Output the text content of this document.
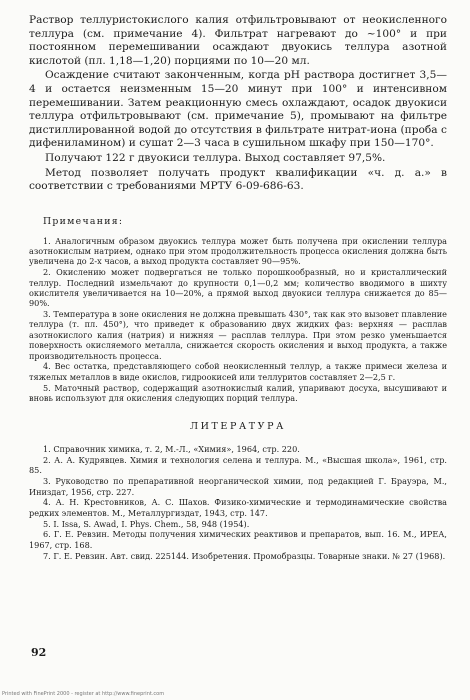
Раствор теллуристокислого калия отфильтровывают от неокисленного теллура (см. примечание 4). Фильтрат нагревают до ~100° и при постоянном перемешивании осаждают двуокись теллура азотной кислотой (пл. 1,18—1,20) порциями по 10—20 мл.

Осаждение считают законченным, когда pH раствора достигнет 3,5—4 и остается неизменным 15—20 минут при 100° и интенсивном перемешивании. Затем реакционную смесь охлаждают, осадок двуокиси теллура отфильтровывают (см. примечание 5), промывают на фильтре дистиллированной водой до отсутствия в фильтрате нитрат-иона (проба с дифениламином) и сушат 2—3 часа в сушильном шкафу при 150—170°.

Получают 122 г двуокиси теллура. Выход составляет 97,5%.

Метод позволяет получать продукт квалификации «ч. д. а.» в соответствии с требованиями МРТУ 6-09-686-63.

Примечания:

1. Аналогичным образом двуокись теллура может быть получена при окислении теллура азотнокислым натрием, однако при этом продолжительность процесса окисления должна быть увеличена до 2-х часов, а выход продукта составляет 90—95%.

2. Окислению может подвергаться не только порошкообразный, но и кристаллический теллур. Последний измельчают до крупности 0,1—0,2 мм; количество вводимого в шихту окислителя увеличивается на 10—20%, а прямой выход двуокиси теллура снижается до 85—90%.

3. Температура в зоне окисления не должна превышать 430°, так как это вызовет плавление теллура (т. пл. 450°), что приведет к образованию двух жидких фаз: верхняя — расплав азотнокислого калия (натрия) и нижняя — расплав теллура. При этом резко уменьшается поверхность окисляемого металла, снижается скорость окисления и выход продукта, а также производительность процесса.

4. Вес остатка, представляющего собой неокисленный теллур, а также примеси железа и тяжелых металлов в виде окислов, гидроокисей или теллуритов составляет 2—2,5 г.

5. Маточный раствор, содержащий азотнокислый калий, упаривают досуха, высушивают и вновь используют для окисления следующих порций теллура.

ЛИТЕРАТУРА

1. Справочник химика, т. 2, М.-Л., «Химия», 1964, стр. 220.

2. А. А. Кудрявцев. Химия и технология селена и теллура. М., «Высшая школа», 1961, стр. 85.

3. Руководство по препаративной неорганической химии, под редакцией Г. Брауэра, М., Иниздат, 1956, стр. 227.

4. А. Н. Крестовников, А. С. Шахов. Физико-химические и термодинамические свойства редких элементов. М., Металлургиздат, 1943, стр. 147.

5. I. Issa, S. Awad, I. Phys. Chem., 58, 948 (1954).

6. Г. Е. Ревзин. Методы получения химических реактивов и препаратов, вып. 16. М., ИРЕА, 1967, стр. 168.

7. Г. Е. Ревзин. Авт. свид. 225144. Изобретения. Промобразцы. Товарные знаки. № 27 (1968).

92
Printed with FinePrint 2000 - register at http://www.fineprint.com
